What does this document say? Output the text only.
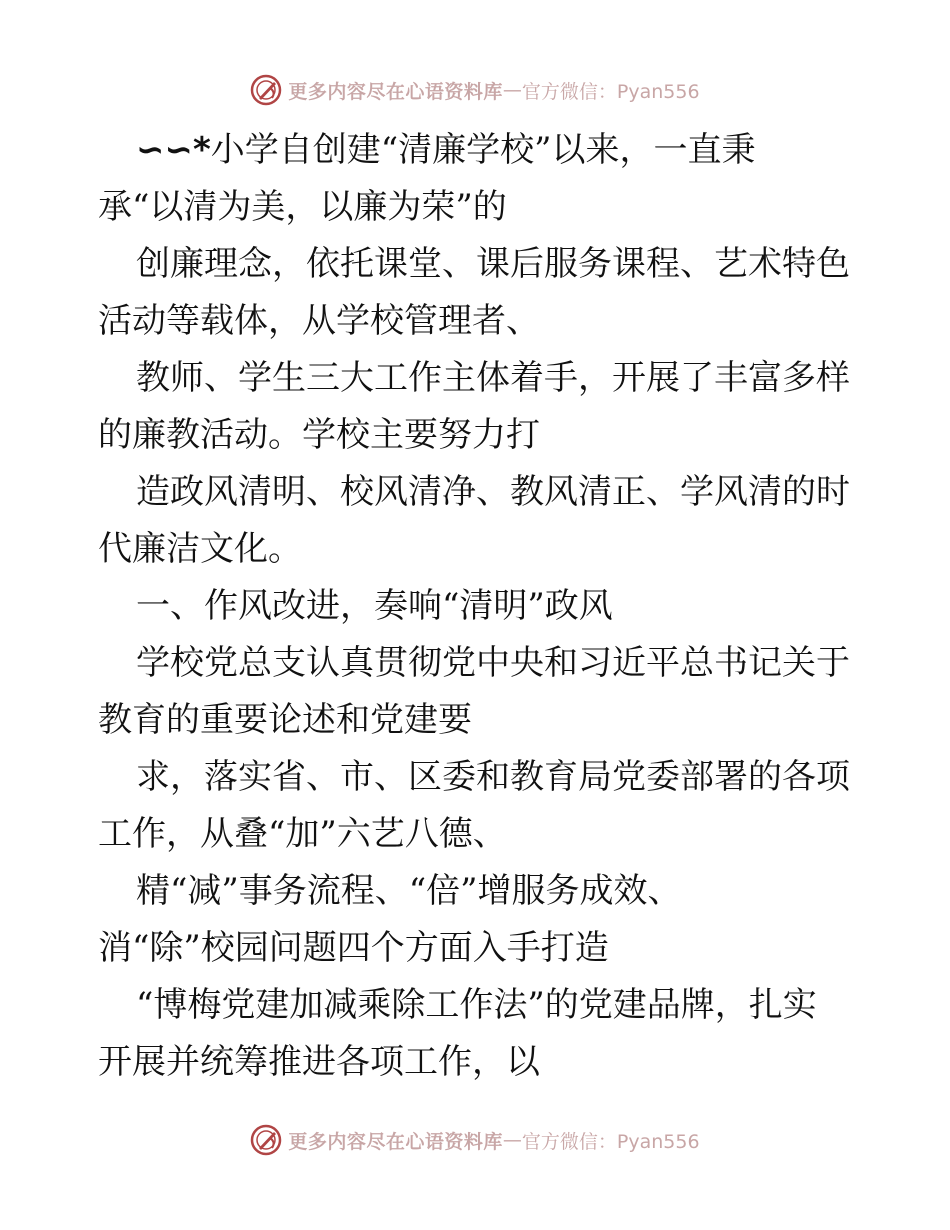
更多内容尽在心语资料库 — 官方微信：Pyan556
∽∽*小学自创建“清廉学校”以来，一直秉
承“以清为美，以廉为荣”的
创廉理念，依托课堂、课后服务课程、艺术特色
活动等载体，从学校管理者、
教师、学生三大工作主体着手，开展了丰富多样
的廉教活动。学校主要努力打
造政风清明、校风清净、教风清正、学风清的时
代廉洁文化。
一、作风改进，奏响“清明”政风
学校党总支认真贯彻党中央和习近平总书记关于
教育的重要论述和党建要
求，落实省、市、区委和教育局党委部署的各项
工作，从叠“加”六艺八德、
精“减”事务流程、“倍”增服务成效、
消“除”校园问题四个方面入手打造
“博梅党建加减乘除工作法”的党建品牌，扎实
开展并统筹推进各项工作，以
更多内容尽在心语资料库 — 官方微信：Pyan556
